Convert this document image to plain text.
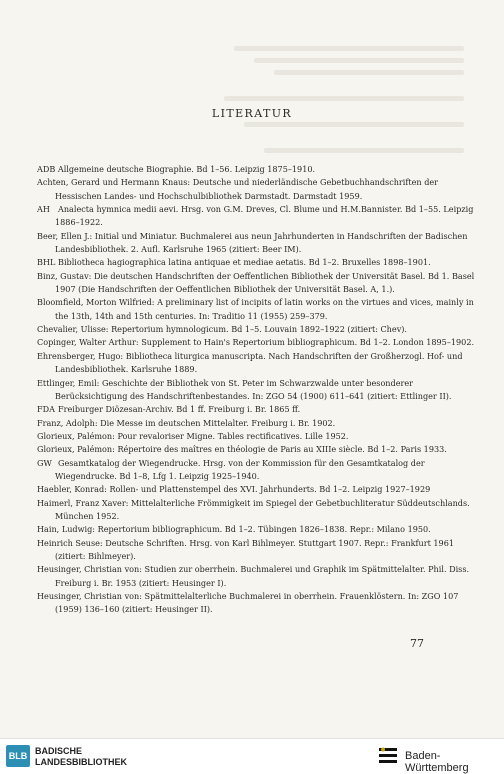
LITERATUR

ADB Allgemeine deutsche Biographie. Bd 1–56. Leipzig 1875–1910.

Achten, Gerard und Hermann Knaus: Deutsche und niederländische Gebetbuchhandschriften der Hessischen Landes- und Hochschulbibliothek Darmstadt. Darmstadt 1959.

AH Analecta hymnica medii aevi. Hrsg. von G.M. Dreves, Cl. Blume und H.M.Bannister. Bd 1–55. Leipzig 1886–1922.

Beer, Ellen J.: Initial und Miniatur. Buchmalerei aus neun Jahrhunderten in Handschriften der Badischen Landesbibliothek. 2. Aufl. Karlsruhe 1965 (zitiert: Beer IM).

BHL Bibliotheca hagiographica latina antiquae et mediae aetatis. Bd 1–2. Bruxelles 1898–1901.

Binz, Gustav: Die deutschen Handschriften der Oeffentlichen Bibliothek der Universität Basel. Bd 1. Basel 1907 (Die Handschriften der Oeffentlichen Bibliothek der Universität Basel. A, 1.).

Bloomfield, Morton Wilfried: A preliminary list of incipits of latin works on the virtues and vices, mainly in the 13th, 14th and 15th centuries. In: Traditio 11 (1955) 259–379.

Chevalier, Ulisse: Repertorium hymnologicum. Bd 1–5. Louvain 1892–1922 (zitiert: Chev).

Copinger, Walter Arthur: Supplement to Hain's Repertorium bibliographicum. Bd 1–2. London 1895–1902.

Ehrensberger, Hugo: Bibliotheca liturgica manuscripta. Nach Handschriften der Großherzogl. Hof- und Landesbibliothek. Karlsruhe 1889.

Ettlinger, Emil: Geschichte der Bibliothek von St. Peter im Schwarzwalde unter besonderer Berücksichtigung des Handschriftenbestandes. In: ZGO 54 (1900) 611–641 (zitiert: Ettlinger II).

FDA Freiburger Diözesan-Archiv. Bd 1 ff. Freiburg i. Br. 1865 ff.

Franz, Adolph: Die Messe im deutschen Mittelalter. Freiburg i. Br. 1902.

Glorieux, Palémon: Pour revaloriser Migne. Tables rectificatives. Lille 1952.

Glorieux, Palémon: Répertoire des maîtres en théologie de Paris au XIIIe siècle. Bd 1–2. Paris 1933.

GW Gesamtkatalog der Wiegendrucke. Hrsg. von der Kommission für den Gesamtkatalog der Wiegendrucke. Bd 1–8, Lfg 1. Leipzig 1925–1940.

Haebler, Konrad: Rollen- und Plattenstempel des XVI. Jahrhunderts. Bd 1–2. Leipzig 1927–1929

Haimerl, Franz Xaver: Mittelalterliche Frömmigkeit im Spiegel der Gebetbuchliteratur Süddeutschlands. München 1952.

Hain, Ludwig: Repertorium bibliographicum. Bd 1–2. Tübingen 1826–1838. Repr.: Milano 1950.

Heinrich Seuse: Deutsche Schriften. Hrsg. von Karl Bihlmeyer. Stuttgart 1907. Repr.: Frankfurt 1961 (zitiert: Bihlmeyer).

Heusinger, Christian von: Studien zur oberrhein. Buchmalerei und Graphik im Spätmittelalter. Phil. Diss. Freiburg i. Br. 1953 (zitiert: Heusinger I).

Heusinger, Christian von: Spätmittelalterliche Buchmalerei in oberrhein. Frauenklöstern. In: ZGO 107 (1959) 136–160 (zitiert: Heusinger II).

77
BLB BADISCHE
LANDESBIBLIOTHEK	Baden-Württemberg
